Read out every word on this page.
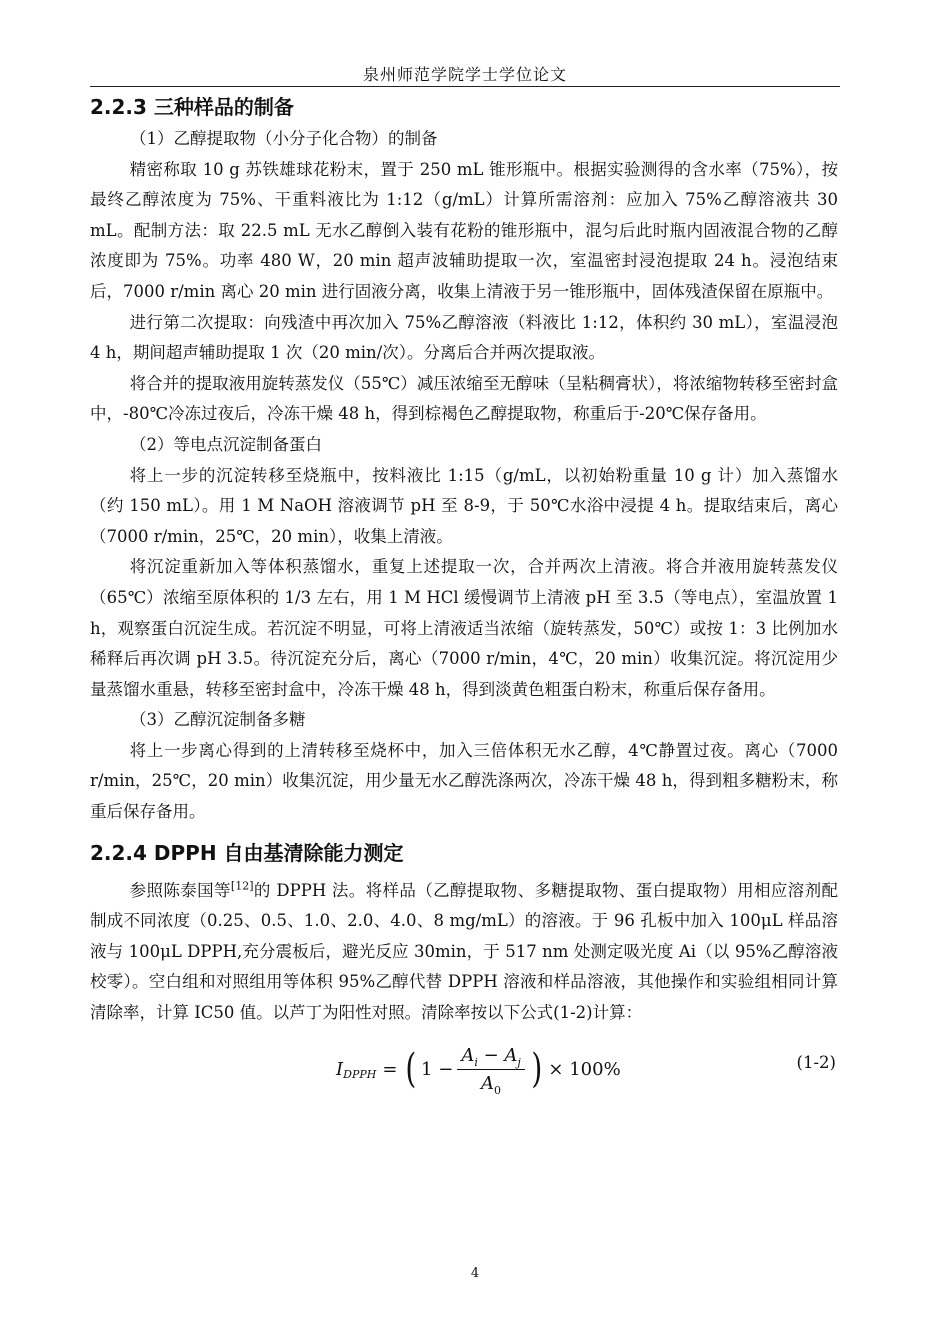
泉州师范学院学士学位论文
2.2.3 三种样品的制备

（1）乙醇提取物（小分子化合物）的制备

精密称取 10 g 苏铁雄球花粉末，置于 250 mL 锥形瓶中。根据实验测得的含水率（75%），按最终乙醇浓度为 75%、干重料液比为 1:12（g/mL）计算所需溶剂：应加入 75%乙醇溶液共 30 mL。配制方法：取 22.5 mL 无水乙醇倒入装有花粉的锥形瓶中，混匀后此时瓶内固液混合物的乙醇浓度即为 75%。功率 480 W，20 min 超声波辅助提取一次，室温密封浸泡提取 24 h。浸泡结束后，7000 r/min 离心 20 min 进行固液分离，收集上清液于另一锥形瓶中，固体残渣保留在原瓶中。

进行第二次提取：向残渣中再次加入 75%乙醇溶液（料液比 1:12，体积约 30 mL），室温浸泡 4 h，期间超声辅助提取 1 次（20 min/次）。分离后合并两次提取液。

将合并的提取液用旋转蒸发仪（55℃）减压浓缩至无醇味（呈粘稠膏状），将浓缩物转移至密封盒中，-80℃冷冻过夜后，冷冻干燥 48 h，得到棕褐色乙醇提取物，称重后于-20℃保存备用。

（2）等电点沉淀制备蛋白

将上一步的沉淀转移至烧瓶中，按料液比 1:15（g/mL，以初始粉重量 10 g 计）加入蒸馏水（约 150 mL）。用 1 M NaOH 溶液调节 pH 至 8-9，于 50℃水浴中浸提 4 h。提取结束后，离心（7000 r/min，25℃，20 min），收集上清液。

将沉淀重新加入等体积蒸馏水，重复上述提取一次，合并两次上清液。将合并液用旋转蒸发仪（65℃）浓缩至原体积的 1/3 左右，用 1 M HCl 缓慢调节上清液 pH 至 3.5（等电点），室温放置 1 h，观察蛋白沉淀生成。若沉淀不明显，可将上清液适当浓缩（旋转蒸发，50℃）或按 1：3 比例加水稀释后再次调 pH 3.5。待沉淀充分后，离心（7000 r/min，4℃，20 min）收集沉淀。将沉淀用少量蒸馏水重悬，转移至密封盒中，冷冻干燥 48 h，得到淡黄色粗蛋白粉末，称重后保存备用。

（3）乙醇沉淀制备多糖

将上一步离心得到的上清转移至烧杯中，加入三倍体积无水乙醇，4℃静置过夜。离心（7000 r/min，25℃，20 min）收集沉淀，用少量无水乙醇洗涤两次，冷冻干燥 48 h，得到粗多糖粉末，称重后保存备用。

2.2.4 DPPH 自由基清除能力测定

参照陈泰国等[12]的 DPPH 法。将样品（乙醇提取物、多糖提取物、蛋白提取物）用相应溶剂配制成不同浓度（0.25、0.5、1.0、2.0、4.0、8 mg/mL）的溶液。于 96 孔板中加入 100μL 样品溶液与 100μL DPPH,充分震板后，避光反应 30min，于 517 nm 处测定吸光度 Ai（以 95%乙醇溶液校零）。空白组和对照组用等体积 95%乙醇代替 DPPH 溶液和样品溶液，其他操作和实验组相同计算清除率，计算 IC50 值。以芦丁为阳性对照。清除率按以下公式(1-2)计算：

I DPPH = ( $1 - \frac{A_i - A_j}{A_0}$ ) × 100%	(1-2)
4
